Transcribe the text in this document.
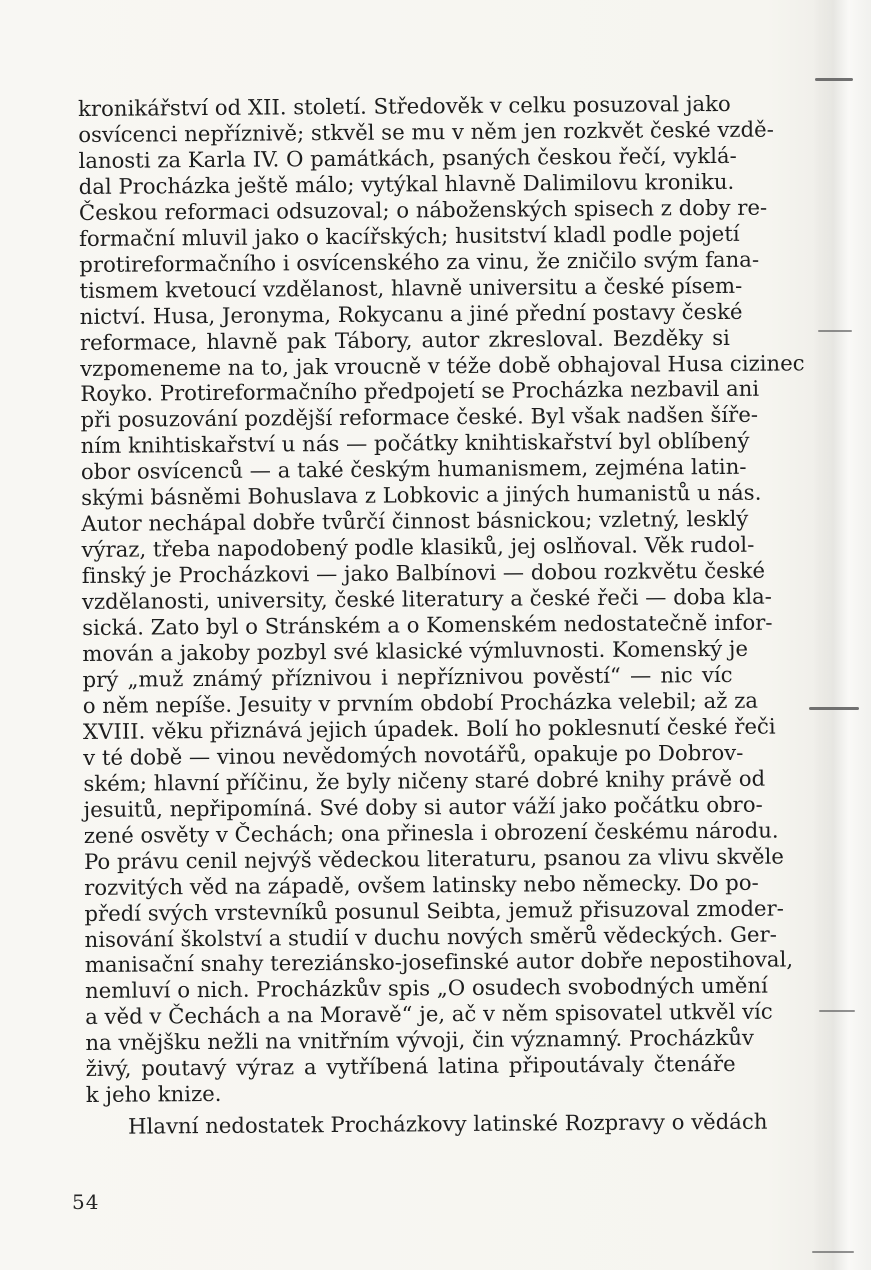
kronikářství od XII. století. Středověk v celku posuzoval jako
osvícenci nepříznivě; stkvěl se mu v něm jen rozkvět české vzdě-
lanosti za Karla IV. O památkách, psaných českou řečí, vyklá-
dal Procházka ještě málo; vytýkal hlavně Dalimilovu kroniku.
Českou reformaci odsuzoval; o náboženských spisech z doby re-
formační mluvil jako o kacířských; husitství kladl podle pojetí
protireformačního i osvícenského za vinu, že zničilo svým fana-
tismem kvetoucí vzdělanost, hlavně universitu a české písem-
nictví. Husa, Jeronyma, Rokycanu a jiné přední postavy české
reformace, hlavně pak Tábory, autor zkresloval. Bezděky si
vzpomeneme na to, jak vroucně v téže době obhajoval Husa cizinec
Royko. Protireformačního předpojetí se Procházka nezbavil ani
při posuzování pozdější reformace české. Byl však nadšen šíře-
ním knihtiskařství u nás — počátky knihtiskařství byl oblíbený
obor osvícenců — a také českým humanismem, zejména latin-
skými básněmi Bohuslava z Lobkovic a jiných humanistů u nás.
Autor nechápal dobře tvůrčí činnost básnickou; vzletný, lesklý
výraz, třeba napodobený podle klasiků, jej oslňoval. Věk rudol-
finský je Procházkovi — jako Balbínovi — dobou rozkvětu české
vzdělanosti, university, české literatury a české řeči — doba kla-
sická. Zato byl o Stránském a o Komenském nedostatečně infor-
mován a jakoby pozbyl své klasické výmluvnosti. Komenský je
prý „muž známý příznivou i nepříznivou pověstí“ — nic víc
o něm nepíše. Jesuity v prvním období Procházka velebil; až za
XVIII. věku přiznává jejich úpadek. Bolí ho poklesnutí české řeči
v té době — vinou nevědomých novotářů, opakuje po Dobrov-
ském; hlavní příčinu, že byly ničeny staré dobré knihy právě od
jesuitů, nepřipomíná. Své doby si autor váží jako počátku obro-
zené osvěty v Čechách; ona přinesla i obrození českému národu.
Po právu cenil nejvýš vědeckou literaturu, psanou za vlivu skvěle
rozvitých věd na západě, ovšem latinsky nebo německy. Do po-
předí svých vrstevníků posunul Seibta, jemuž přisuzoval zmoder-
nisování školství a studií v duchu nových směrů vědeckých. Ger-
manisační snahy tereziánsko-josefinské autor dobře nepostihoval,
nemluví o nich. Procházkův spis „O osudech svobodných umění
a věd v Čechách a na Moravě“ je, ač v něm spisovatel utkvěl víc
na vnějšku nežli na vnitřním vývoji, čin významný. Procházkův
živý, poutavý výraz a vytříbená latina připoutávaly čtenáře
k jeho knize.
Hlavní nedostatek Procházkovy latinské Rozpravy o vědách
54
